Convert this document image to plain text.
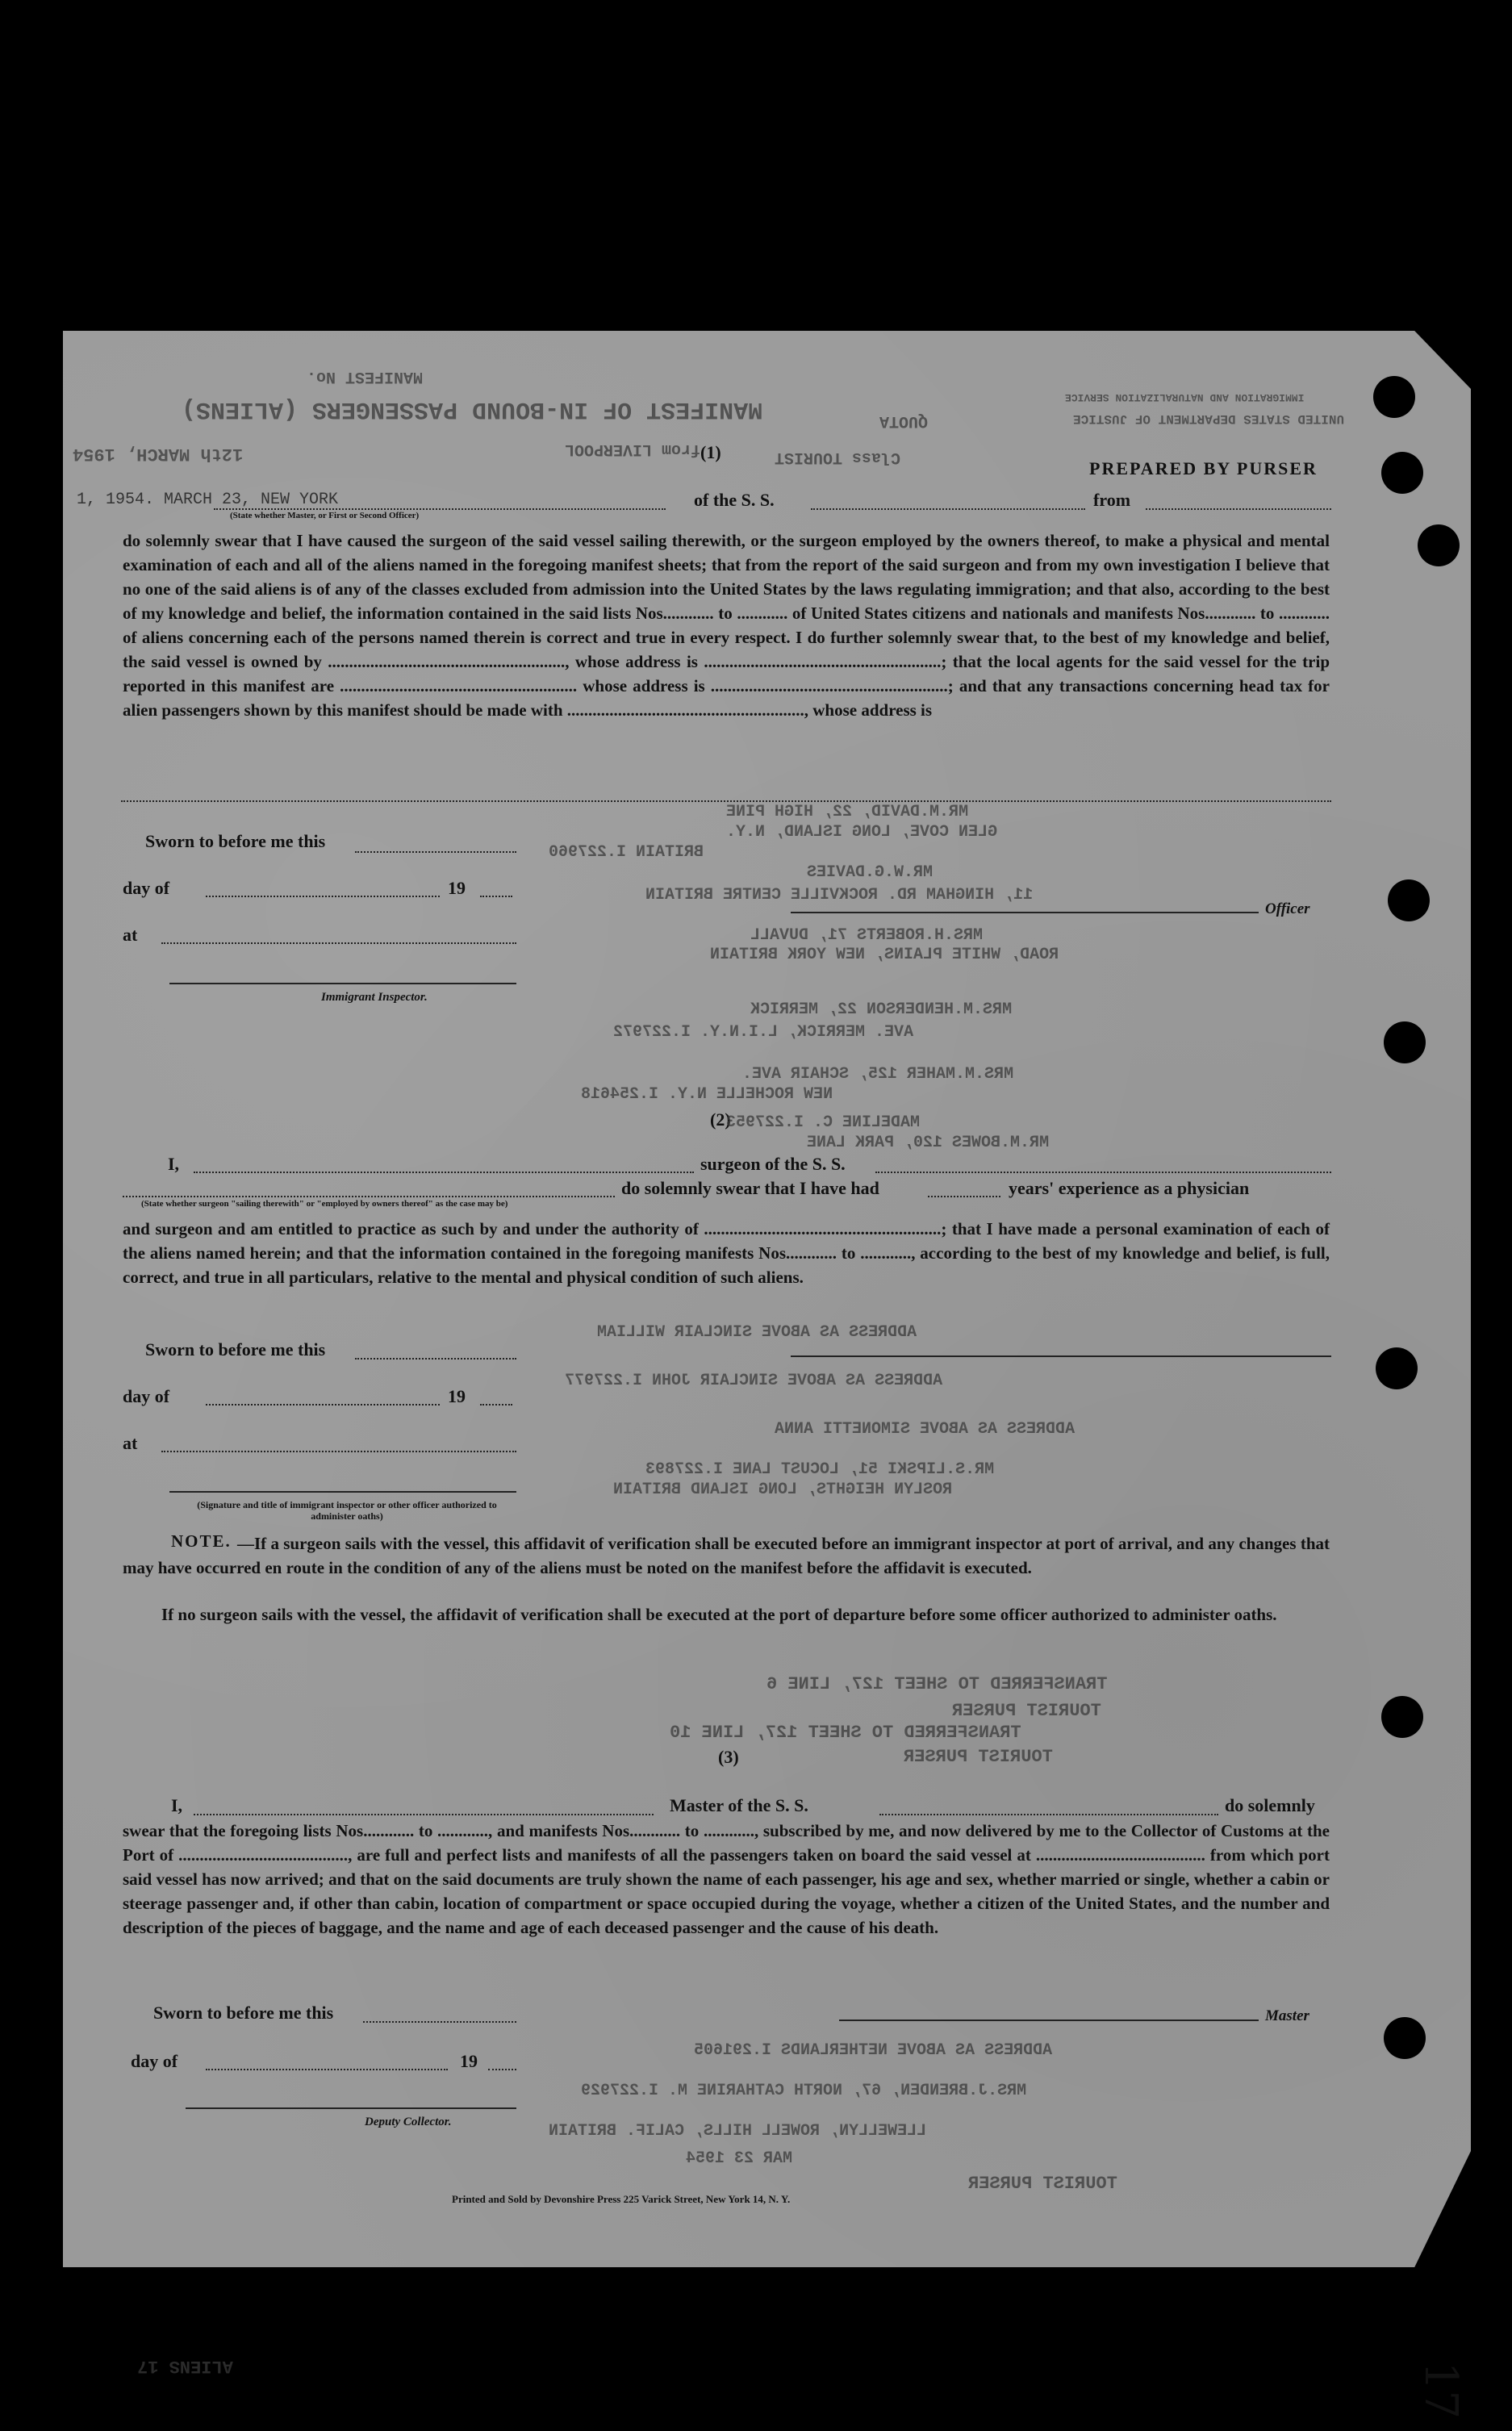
MANIFEST OF IN-BOUND PASSENGERS (ALIENS)
MANIFEST No.
Class TOURIST
from LIVERPOOL
12th MARCH, 1954
QUOTA	UNITED STATES DEPARTMENT OF JUSTICE
IMMIGRATION AND NATURALIZATION SERVICE
PREPARED BY PURSER
(1)
1, 1954. MARCH 23, NEW YORK	of the S. S.	from
(State whether Master, or First or Second Officer)
do solemnly swear that I have caused the surgeon of the said vessel sailing therewith, or the surgeon employed by the owners thereof, to make a physical and mental examination of each and all of the aliens named in the foregoing manifest sheets; that from the report of the said surgeon and from my own investigation I believe that no one of the said aliens is of any of the classes excluded from admission into the United States by the laws regulating immigration; and that also, according to the best of my knowledge and belief, the information contained in the said lists Nos............ to ............ of United States citizens and nationals and manifests Nos............ to ............ of aliens concerning each of the persons named therein is correct and true in every respect. I do further solemnly swear that, to the best of my knowledge and belief, the said vessel is owned by ........................................................, whose address is ........................................................; that the local agents for the said vessel for the trip reported in this manifest are ........................................................ whose address is ........................................................; and that any transactions concerning head tax for alien passengers shown by this manifest should be made with ........................................................, whose address is
Sworn to before me this
day of	19
at
Immigrant Inspector.
Officer
(2)
I,	surgeon of the S. S.
do solemnly swear that I have had	years' experience as a physician
(State whether surgeon "sailing therewith" or "employed by owners thereof" as the case may be)
and surgeon and am entitled to practice as such by and under the authority of ........................................................; that I have made a personal examination of each of the aliens named herein; and that the information contained in the foregoing manifests Nos............ to ............, according to the best of my knowledge and belief, is full, correct, and true in all particulars, relative to the mental and physical condition of such aliens.
Sworn to before me this
day of	19
at
(Signature and title of immigrant inspector or other officer authorized to administer oaths)
NOTE. —If a surgeon sails with the vessel, this affidavit of verification shall be executed before an immigrant inspector at port of arrival, and any changes that may have occurred en route in the condition of any of the aliens must be noted on the manifest before the affidavit is executed.
If no surgeon sails with the vessel, the affidavit of verification shall be executed at the port of departure before some officer authorized to administer oaths.
(3)
I,	Master of the S. S.	do solemnly
swear that the foregoing lists Nos............ to ............, and manifests Nos............ to ............, subscribed by me, and now delivered by me to the Collector of Customs at the Port of ........................................, are full and perfect lists and manifests of all the passengers taken on board the said vessel at ........................................ from which port said vessel has now arrived; and that on the said documents are truly shown the name of each passenger, his age and sex, whether married or single, whether a cabin or steerage passenger and, if other than cabin, location of compartment or space occupied during the voyage, whether a citizen of the United States, and the number and description of the pieces of baggage, and the name and age of each deceased passenger and the cause of his death.
Sworn to before me this
day of	19
Deputy Collector.
Master
MR.M.DAVID, 22, HIGH PINE
GLEN COVE, LONG ISLAND, N.Y.
BRITAIN I.227960
MR.W.G.DAVIES
11, HINGHAM RD. ROCKVILLE CENTRE BRITAIN
MRS.H.ROBERTS 71, DUVALL
ROAD, WHITE PLAINS, NEW YORK BRITAIN
MRS.M.HENDERSON 22, MERRICK
AVE. MERRICK, L.I.N.Y. I.227972
MRS.M.MAHER 125, SCHAIR AVE.
NEW ROCHELLE N.Y. I.254618
MR.M.BOWES 120, PARK LANE
MADELINE C. I.227953
ADDRESS AS ABOVE SINCLAIR WILLIAM
ADDRESS AS ABOVE SINCLAIR JOHN I.227977
ADDRESS AS ABOVE SIMONETTI ANNA
MR.S.LIPSKI 51, LOCUST LANE I.227893
ROSLYN HEIGHTS, LONG ISLAND BRITAIN
TRANSFERRED TO SHEET 127, LINE 6
TOURIST PURSER
TRANSFERRED TO SHEET 127, LINE 10
TOURIST PURSER
ADDRESS AS ABOVE NETHERLANDS I.291605
MRS.J.BRENDEN, 67, NORTH CATHARINE M. I.227929
LLEWELLYN, ROWELL HILLS, CALIF. BRITAIN
MAR 23 1954
TOURIST PURSER
ALIENS 17
Printed and Sold by Devonshire Press 225 Varick Street, New York 14, N. Y.
17
